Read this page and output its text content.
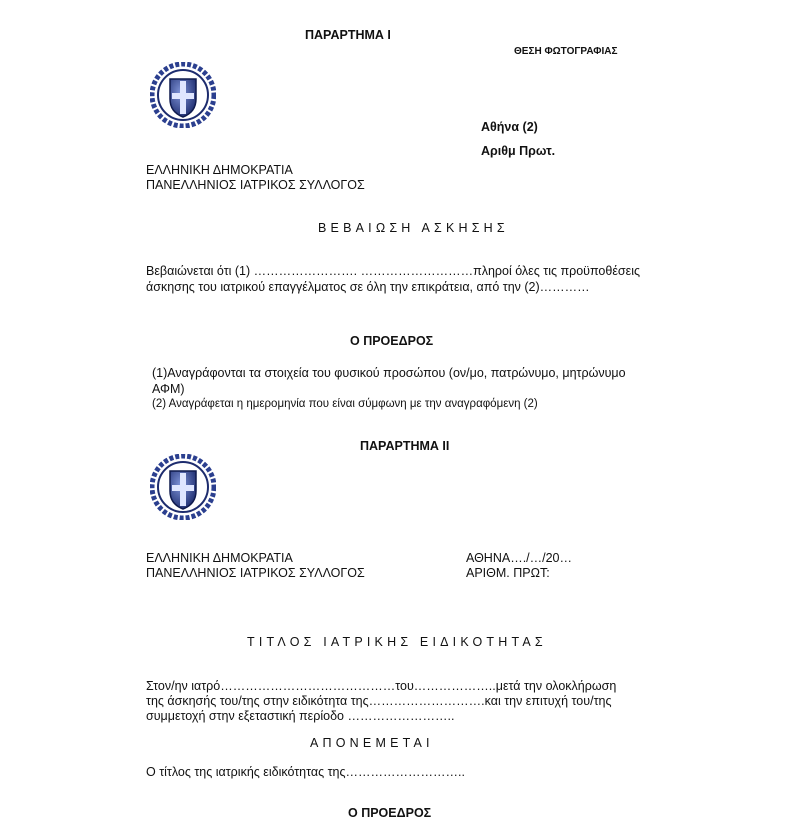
ΠΑΡΑΡΤΗΜΑ Ι
ΘΕΣΗ ΦΩΤΟΓΡΑΦΙΑΣ
Αθήνα (2)
Αριθμ Πρωτ.
ΕΛΛΗΝΙΚΗ ΔΗΜΟΚΡΑΤΙΑ
ΠΑΝΕΛΛΗΝΙΟΣ ΙΑΤΡΙΚΟΣ ΣΥΛΛΟΓΟΣ
ΒΕΒΑΙΩΣΗ ΑΣΚΗΣΗΣ
Βεβαιώνεται ότι (1) ……………………. ………………………πληροί όλες τις προϋποθέσεις
άσκησης του ιατρικού επαγγέλματος σε όλη την επικράτεια, από την (2)…………
Ο ΠΡΟΕΔΡΟΣ
(1)Αναγράφονται τα στοιχεία του φυσικού προσώπου (ον/μο, πατρώνυμο, μητρώνυμο
ΑΦΜ)
(2) Αναγράφεται η ημερομηνία που είναι σύμφωνη με την αναγραφόμενη (2)
ΠΑΡΑΡΤΗΜΑ ΙΙ
ΕΛΛΗΝΙΚΗ ΔΗΜΟΚΡΑΤΙΑ
ΠΑΝΕΛΛΗΝΙΟΣ ΙΑΤΡΙΚΟΣ ΣΥΛΛΟΓΟΣ
ΑΘΗΝΑ…./…/20…
ΑΡΙΘΜ. ΠΡΩΤ:
ΤΙΤΛΟΣ ΙΑΤΡΙΚΗΣ ΕΙΔΙΚΟΤΗΤΑΣ
Στον/ην ιατρό……………………………………του………………..μετά την ολοκλήρωση
της άσκησής του/της στην ειδικότητα της……………………….και την επιτυχή του/της
συμμετοχή στην εξεταστική περίοδο ……………………..
ΑΠΟΝΕΜΕΤΑΙ
Ο τίτλος της ιατρικής ειδικότητας της………………………..
Ο ΠΡΟΕΔΡΟΣ
